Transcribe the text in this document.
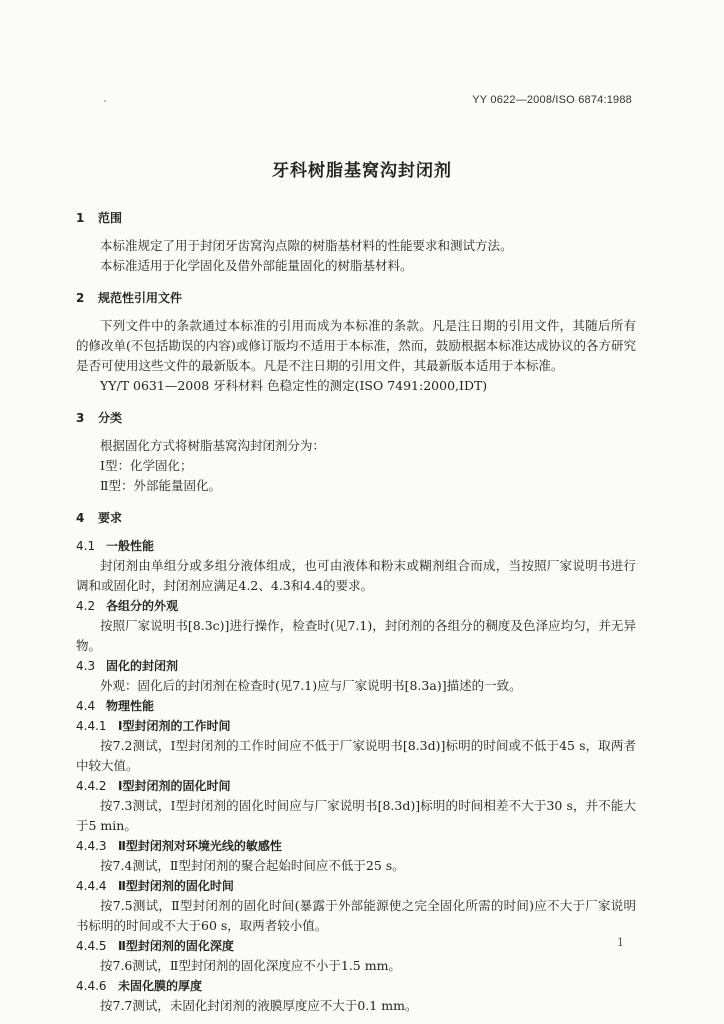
YY 0622—2008/ISO 6874:1988
牙科树脂基窝沟封闭剂
1 范围
本标准规定了用于封闭牙齿窝沟点隙的树脂基材料的性能要求和测试方法。
本标准适用于化学固化及借外部能量固化的树脂基材料。
2 规范性引用文件
下列文件中的条款通过本标准的引用而成为本标准的条款。凡是注日期的引用文件，其随后所有的修改单(不包括勘误的内容)或修订版均不适用于本标准，然而，鼓励根据本标准达成协议的各方研究是否可使用这些文件的最新版本。凡是不注日期的引用文件，其最新版本适用于本标准。
YY/T 0631—2008 牙科材料 色稳定性的测定(ISO 7491:2000,IDT)
3 分类
根据固化方式将树脂基窝沟封闭剂分为：
Ⅰ型：化学固化；
Ⅱ型：外部能量固化。
4 要求
4.1 一般性能
封闭剂由单组分或多组分液体组成，也可由液体和粉末或糊剂组合而成，当按照厂家说明书进行调和或固化时，封闭剂应满足4.2、4.3和4.4的要求。
4.2 各组分的外观
按照厂家说明书[8.3c)]进行操作，检查时(见7.1)，封闭剂的各组分的稠度及色泽应均匀，并无异物。
4.3 固化的封闭剂
外观：固化后的封闭剂在检查时(见7.1)应与厂家说明书[8.3a)]描述的一致。
4.4 物理性能
4.4.1 Ⅰ型封闭剂的工作时间
按7.2测试，Ⅰ型封闭剂的工作时间应不低于厂家说明书[8.3d)]标明的时间或不低于45 s，取两者中较大值。
4.4.2 Ⅰ型封闭剂的固化时间
按7.3测试，Ⅰ型封闭剂的固化时间应与厂家说明书[8.3d)]标明的时间相差不大于30 s，并不能大于5 min。
4.4.3 Ⅱ型封闭剂对环境光线的敏感性
按7.4测试，Ⅱ型封闭剂的聚合起始时间应不低于25 s。
4.4.4 Ⅱ型封闭剂的固化时间
按7.5测试，Ⅱ型封闭剂的固化时间(暴露于外部能源使之完全固化所需的时间)应不大于厂家说明书标明的时间或不大于60 s，取两者较小值。
4.4.5 Ⅱ型封闭剂的固化深度
按7.6测试，Ⅱ型封闭剂的固化深度应不小于1.5 mm。
4.4.6 未固化膜的厚度
按7.7测试，未固化封闭剂的液膜厚度应不大于0.1 mm。
1
